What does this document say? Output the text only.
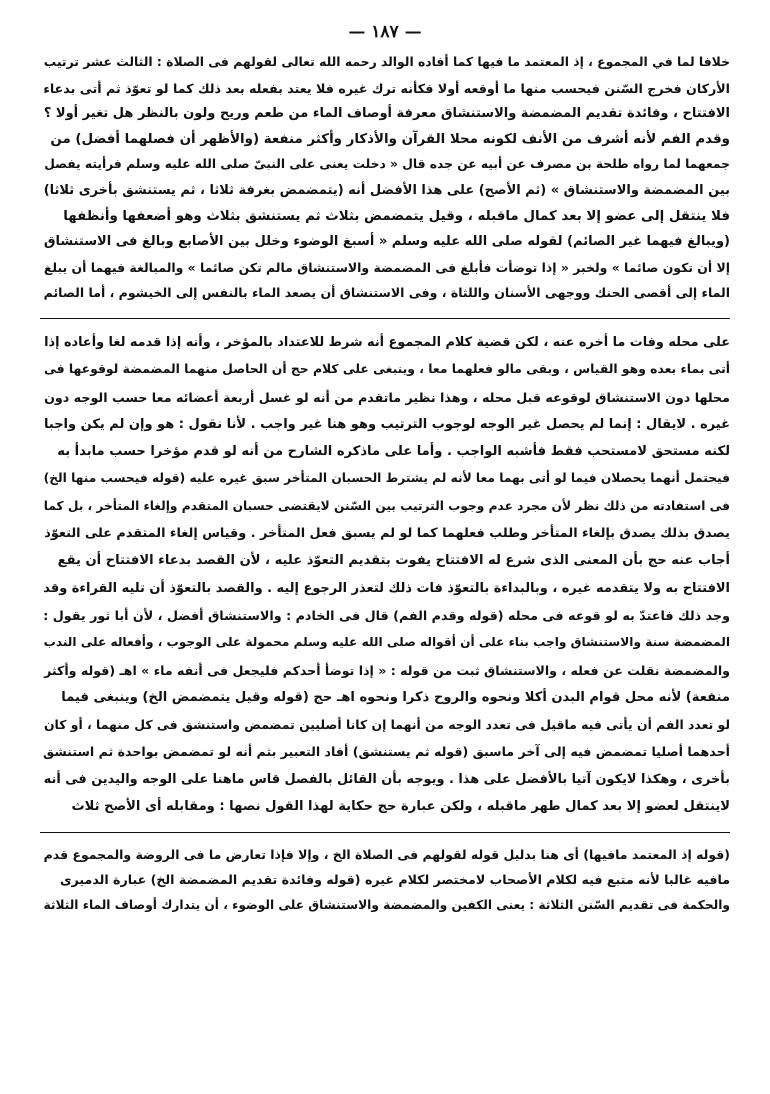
— ١٨٧ —
خلافا لما في المجموع ، إذ المعتمد ما فيها كما أفاده الوالد رحمه الله تعالى لقولهم فى الصلاة : الثالث عشر ترتيب
الأركان فخرج السّنن فيحسب منها ما أوقعه أولا فكأنه ترك غيره فلا يعتد بفعله بعد ذلك كما لو تعوّذ ثم أتى بدعاء
الافتتاح ، وفائدة تقديم المضمضة والاستنشاق معرفة أوصاف الماء من طعم وريح ولون بالنظر هل تغير أولا ؟
وقدم الفم لأنه أشرف من الأنف لكونه محلا القرآن والأذكار وأكثر منفعة (والأظهر أن فصلهما أفضل) من
جمعهما لما رواه طلحة بن مصرف عن أبيه عن جده قال « دخلت يعنى على النبىّ صلى الله عليه وسلم فرأيته يفصل
بين المضمضة والاستنشاق » (ثم الأصح) على هذا الأفضل أنه (يتمضمض بغرفة ثلاثا ، ثم يستنشق بأخرى ثلاثا)
فلا ينتقل إلى عضو إلا بعد كمال ماقبله ، وقيل يتمضمض بثلاث ثم يستنشق بثلاث وهو أضعفها وأنظفها
(ويبالغ فيهما غير الصائم) لقوله صلى الله عليه وسلم « أسبغ الوضوء وخلل بين الأصابع وبالغ فى الاستنشاق
إلا أن تكون صائما » ولخبر « إذا توضأت فأبلغ فى المضمضة والاستنشاق مالم تكن صائما » والمبالغة فيهما أن يبلغ
الماء إلى أقصى الحنك ووجهى الأسنان واللثاة ، وفى الاستنشاق أن يصعد الماء بالنفس إلى الخيشوم ، أما الصائم
على محله وفات ما أخره عنه ، لكن قضية كلام المجموع أنه شرط للاعتداد بالمؤخر ، وأنه إذا قدمه لغا وأعاده إذا
أتى بماء بعده وهو القياس ، وبقى مالو فعلهما معا ، وينبغى على كلام حج أن الحاصل منهما المضمضة لوقوعها فى
محلها دون الاستنشاق لوقوعه قبل محله ، وهذا نظير ماتقدم من أنه لو غسل أربعة أعضائه معا حسب الوجه دون
غيره . لايقال : إنما لم يحصل غير الوجه لوجوب الترتيب وهو هنا غير واجب . لأنا نقول : هو وإن لم يكن واجبا
لكنه مستحق لامستحب فقط فأشبه الواجب . وأما على ماذكره الشارح من أنه لو قدم مؤخرا حسب مابدأ به
فيحتمل أنهما يحصلان فيما لو أتى بهما معا لأنه لم يشترط الحسبان المتأخر سبق غيره عليه (قوله فيحسب منها الخ)
فى استفادته من ذلك نظر لأن مجرد عدم وجوب الترتيب بين السّنن لايقتضى حسبان المتقدم وإلغاء المتأخر ، بل كما
يصدق بذلك يصدق بإلغاء المتأخر وطلب فعلهما كما لو لم يسبق فعل المتأخر . وقياس إلغاء المتقدم على التعوّذ
أجاب عنه حج بأن المعنى الذى شرع له الافتتاح يفوت بتقديم التعوّذ عليه ، لأن القصد بدعاء الافتتاح أن يقع
الافتتاح به ولا يتقدمه غيره ، وبالبداءة بالتعوّذ فات ذلك لتعذر الرجوع إليه . والقصد بالتعوّذ أن تليه القراءة وقد
وجد ذلك فاعتدّ به لو قوعه فى محله (قوله وقدم الفم) قال فى الخادم : والاستنشاق أفضل ، لأن أبا ثور يقول :
المضمضة سنة والاستنشاق واجب بناء على أن أقواله صلى الله عليه وسلم محمولة على الوجوب ، وأفعاله على الندب
والمضمضة نقلت عن فعله ، والاستنشاق ثبت من قوله : « إذا توضأ أحدكم فليجعل فى أنفه ماء » اهـ (قوله وأكثر
منفعة) لأنه محل قوام البدن أكلا ونحوه والروح ذكرا ونحوه اهـ حج (قوله وقيل يتمضمض الخ) وينبغى فيما
لو تعدد الفم أن يأتى فيه ماقيل فى تعدد الوجه من أنهما إن كانا أصليين تمضمض واستنشق فى كل منهما ، أو كان
أحدهما أصليا تمضمض فيه إلى آخر ماسبق (قوله ثم يستنشق) أفاد التعبير بثم أنه لو تمضمض بواحدة ثم استنشق
بأخرى ، وهكذا لايكون آتيا بالأفضل على هذا . ويوجه بأن القائل بالفصل قاس ماهنا على الوجه واليدين فى أنه
لاينتقل لعضو إلا بعد كمال طهر ماقبله ، ولكن عبارة حج حكاية لهذا القول نصها : ومقابله أى الأصح ثلاث
(قوله إذ المعتمد مافيها) أى هنا بدليل قوله لقولهم فى الصلاة الخ ، وإلا فإذا تعارض ما فى الروضة والمجموع قدم
مافيه غالبا لأنه متبع فيه لكلام الأصحاب لامختصر لكلام غيره (قوله وفائدة تقديم المضمضة الخ) عبارة الدميرى
والحكمة فى تقديم السّنن الثلاثة : يعنى الكفين والمضمضة والاستنشاق على الوضوء ، أن يتدارك أوصاف الماء الثلاثة
